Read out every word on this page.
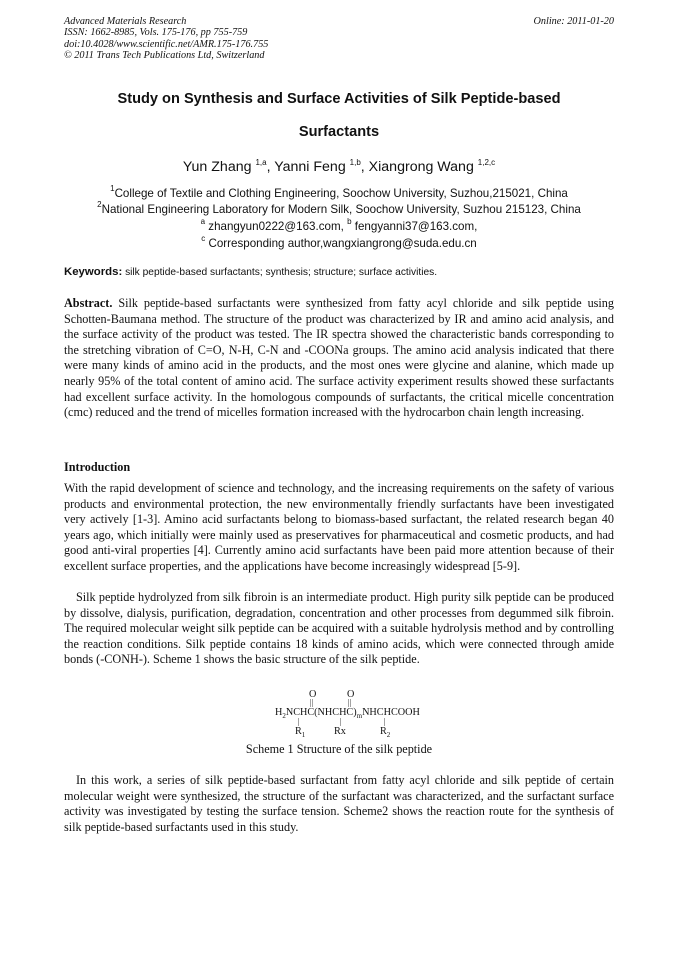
Advanced Materials Research
ISSN: 1662-8985, Vols. 175-176, pp 755-759
doi:10.4028/www.scientific.net/AMR.175-176.755
© 2011 Trans Tech Publications Ltd, Switzerland
Online: 2011-01-20
Study on Synthesis and Surface Activities of Silk Peptide-based
Surfactants
Yun Zhang $^{1,a}$, Yanni Feng $^{1,b}$, Xiangrong Wang $^{1,2,c}$
$^1$College of Textile and Clothing Engineering, Soochow University, Suzhou,215021, China
$^2$National Engineering Laboratory for Modern Silk, Soochow University, Suzhou 215123, China
$^a$ zhangyun0222@163.com, $^b$ fengyanni37@163.com,
$^c$ Corresponding author,wangxiangrong@suda.edu.cn
Keywords: silk peptide-based surfactants; synthesis; structure; surface activities.
Abstract. Silk peptide-based surfactants were synthesized from fatty acyl chloride and silk peptide using Schotten-Baumana method. The structure of the product was characterized by IR and amino acid analysis, and the surface activity of the product was tested. The IR spectra showed the characteristic bands corresponding to the stretching vibration of C=O, N-H, C-N and -COONa groups. The amino acid analysis indicated that there were many kinds of amino acid in the products, and the most ones were glycine and alanine, which made up nearly 95% of the total content of amino acid. The surface activity experiment results showed these surfactants had excellent surface activity. In the homologous compounds of surfactants, the critical micelle concentration (cmc) reduced and the trend of micelles formation increased with the hydrocarbon chain length increasing.
Introduction
With the rapid development of science and technology, and the increasing requirements on the safety of various products and environmental protection, the new environmentally friendly surfactants have been investigated very actively [1-3]. Amino acid surfactants belong to biomass-based surfactant, the related research began 40 years ago, which initially were mainly used as preservatives for pharmaceutical and cosmetic products, and had good anti-viral properties [4]. Currently amino acid surfactants have been paid more attention because of their excellent surface properties, and the applications have become increasingly widespread [5-9].
Silk peptide hydrolyzed from silk fibroin is an intermediate product. High purity silk peptide can be produced by dissolve, dialysis, purification, degradation, concentration and other processes from degummed silk fibroin. The required molecular weight silk peptide can be acquired with a suitable hydrolysis method and by controlling the reaction conditions. Silk peptide contains 18 kinds of amino acids, which were connected through amide bonds (-CONH-). Scheme 1 shows the basic structure of the silk peptide.
O	O
||	||
$H_2NCHC(NHCHC)_mNHCHCOOH$
|	|	|
$R_1$	Rx	$R_2$
Scheme 1 Structure of the silk peptide
In this work, a series of silk peptide-based surfactant from fatty acyl chloride and silk peptide of certain molecular weight were synthesized, the structure of the surfactant was characterized, and the surfactant surface activity was investigated by testing the surface tension. Scheme2 shows the reaction route for the synthesis of silk peptide-based surfactants used in this study.
